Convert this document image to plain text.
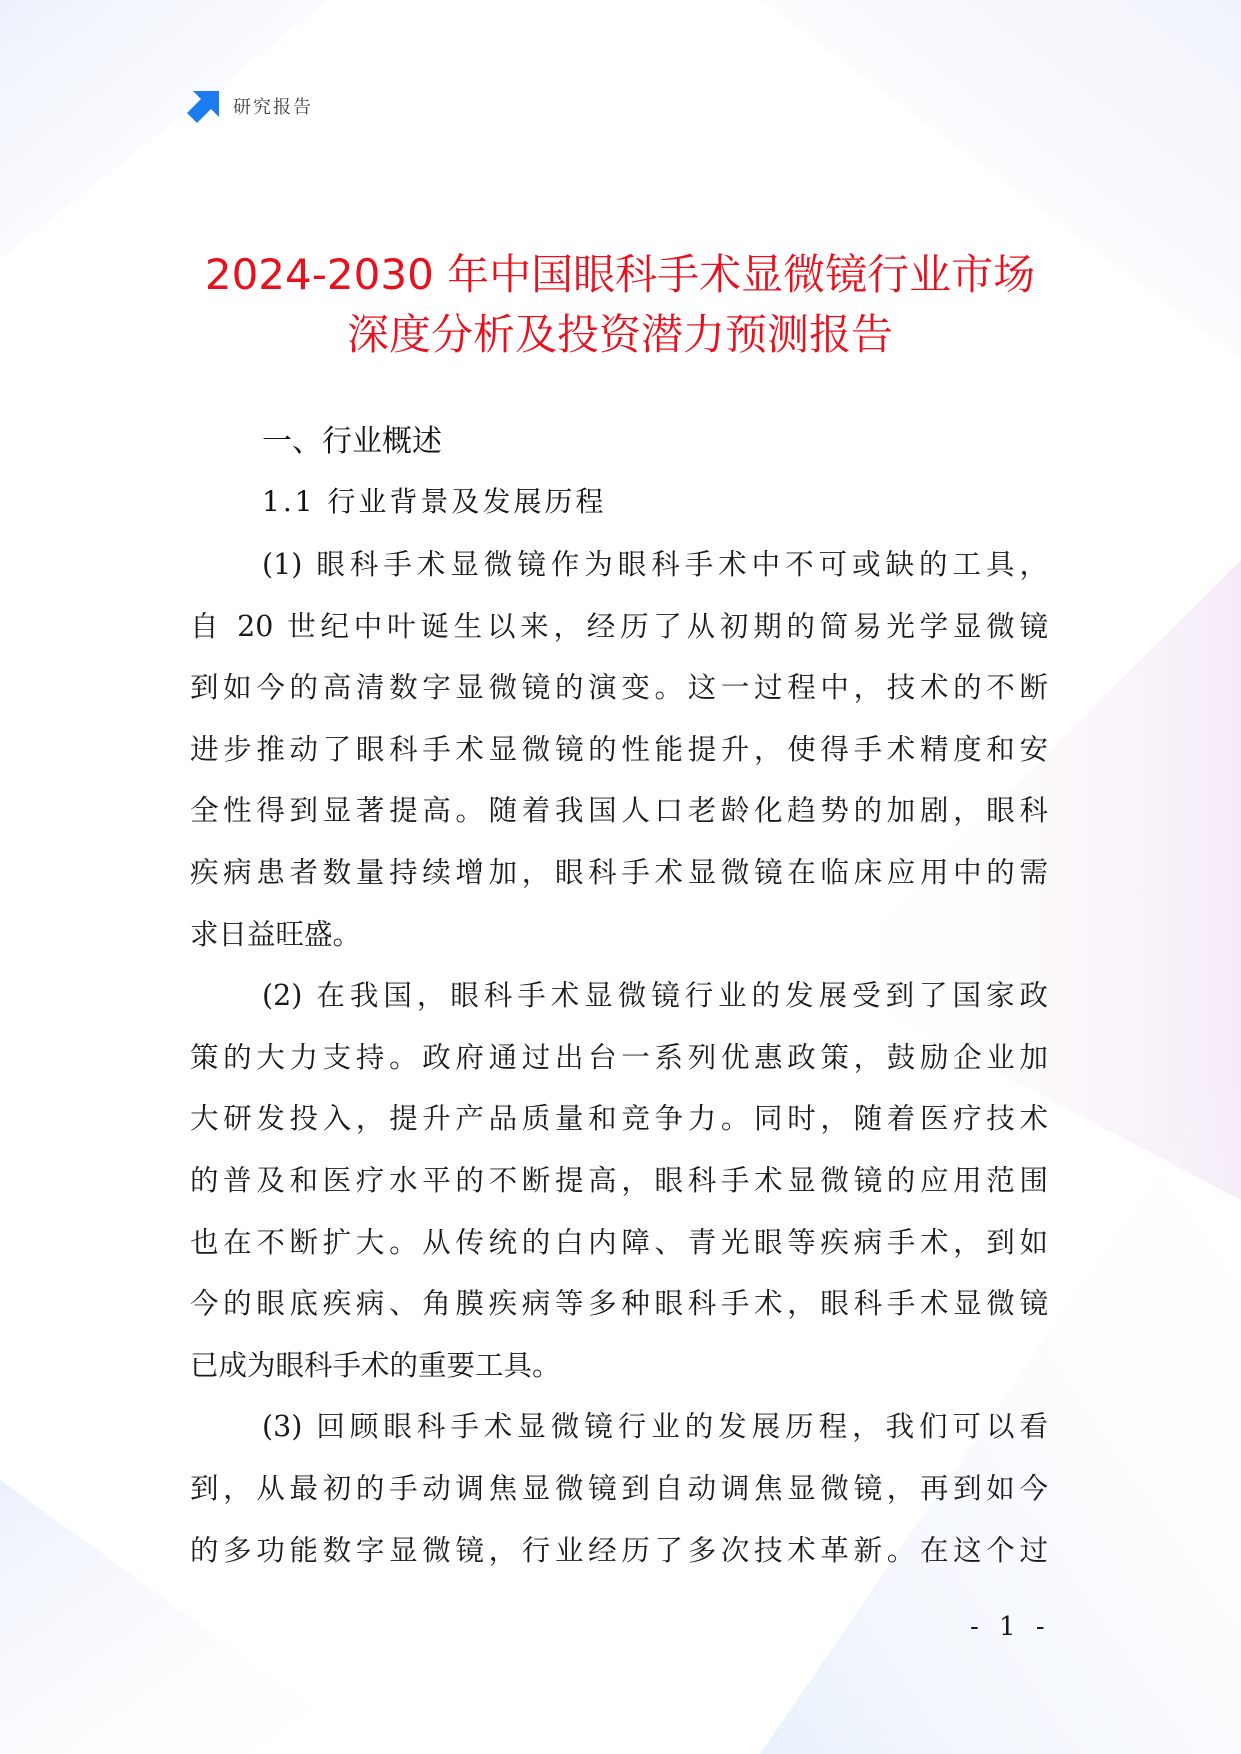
研究报告
2024-2030 年中国眼科手术显微镜行业市场
深度分析及投资潜力预测报告
一、行业概述
1.1 行业背景及发展历程

(1) 眼科手术显微镜作为眼科手术中不可或缺的工具，
自 20 世纪中叶诞生以来，经历了从初期的简易光学显微镜
到如今的高清数字显微镜的演变。这一过程中，技术的不断
进步推动了眼科手术显微镜的性能提升，使得手术精度和安
全性得到显著提高。随着我国人口老龄化趋势的加剧，眼科
疾病患者数量持续增加，眼科手术显微镜在临床应用中的需
求日益旺盛。

(2) 在我国，眼科手术显微镜行业的发展受到了国家政
策的大力支持。政府通过出台一系列优惠政策，鼓励企业加
大研发投入，提升产品质量和竞争力。同时，随着医疗技术
的普及和医疗水平的不断提高，眼科手术显微镜的应用范围
也在不断扩大。从传统的白内障、青光眼等疾病手术，到如
今的眼底疾病、角膜疾病等多种眼科手术，眼科手术显微镜
已成为眼科手术的重要工具。

(3) 回顾眼科手术显微镜行业的发展历程，我们可以看
到，从最初的手动调焦显微镜到自动调焦显微镜，再到如今
的多功能数字显微镜，行业经历了多次技术革新。在这个过

- 1 -
